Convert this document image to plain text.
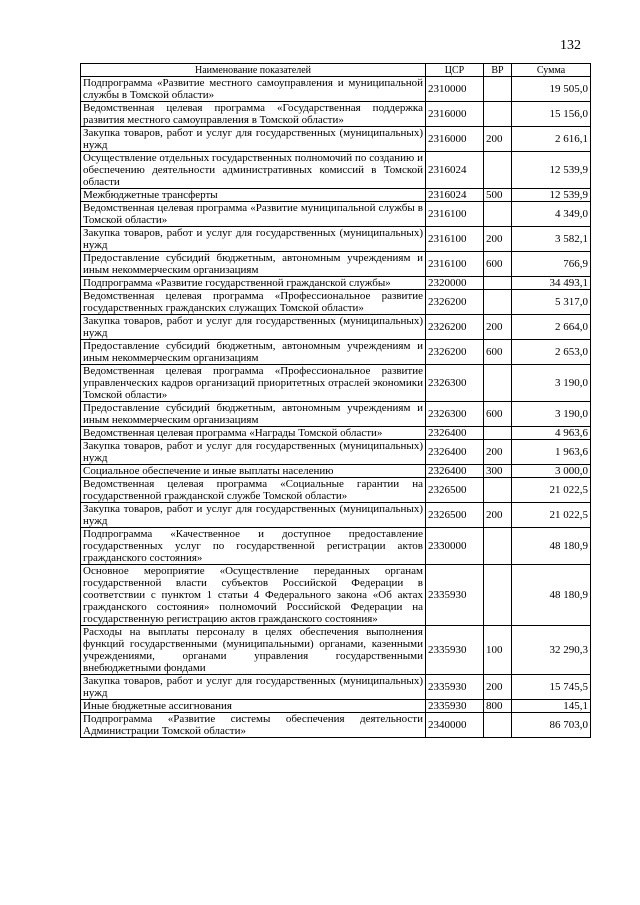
132
Наименование показателей	ЦСР	ВР	Сумма
Подпрограмма «Развитие местного самоуправления и муниципальной службы в Томской области»	2310000		19 505,0
Ведомственная целевая программа «Государственная поддержка развития местного самоуправления в Томской области»	2316000		15 156,0
Закупка товаров, работ и услуг для государственных (муниципальных) нужд	2316000	200	2 616,1
Осуществление отдельных государственных полномочий по созданию и обеспечению деятельности административных комиссий в Томской области	2316024		12 539,9
Межбюджетные трансферты	2316024	500	12 539,9
Ведомственная целевая программа «Развитие муниципальной службы в Томской области»	2316100		4 349,0
Закупка товаров, работ и услуг для государственных (муниципальных) нужд	2316100	200	3 582,1
Предоставление субсидий бюджетным, автономным учреждениям и иным некоммерческим организациям	2316100	600	766,9
Подпрограмма «Развитие государственной гражданской службы»	2320000		34 493,1
Ведомственная целевая программа «Профессиональное развитие государственных гражданских служащих Томской области»	2326200		5 317,0
Закупка товаров, работ и услуг для государственных (муниципальных) нужд	2326200	200	2 664,0
Предоставление субсидий бюджетным, автономным учреждениям и иным некоммерческим организациям	2326200	600	2 653,0
Ведомственная целевая программа «Профессиональное развитие управленческих кадров организаций приоритетных отраслей экономики Томской области»	2326300		3 190,0
Предоставление субсидий бюджетным, автономным учреждениям и иным некоммерческим организациям	2326300	600	3 190,0
Ведомственная целевая программа «Награды Томской области»	2326400		4 963,6
Закупка товаров, работ и услуг для государственных (муниципальных) нужд	2326400	200	1 963,6
Социальное обеспечение и иные выплаты населению	2326400	300	3 000,0
Ведомственная целевая программа «Социальные гарантии на государственной гражданской службе Томской области»	2326500		21 022,5
Закупка товаров, работ и услуг для государственных (муниципальных) нужд	2326500	200	21 022,5
Подпрограмма «Качественное и доступное предоставление государственных услуг по государственной регистрации актов гражданского состояния»	2330000		48 180,9
Основное мероприятие «Осуществление переданных органам государственной власти субъектов Российской Федерации в соответствии с пунктом 1 статьи 4 Федерального закона «Об актах гражданского состояния» полномочий Российской Федерации на государственную регистрацию актов гражданского состояния»	2335930		48 180,9
Расходы на выплаты персоналу в целях обеспечения выполнения функций государственными (муниципальными) органами, казенными учреждениями, органами управления государственными внебюджетными фондами	2335930	100	32 290,3
Закупка товаров, работ и услуг для государственных (муниципальных) нужд	2335930	200	15 745,5
Иные бюджетные ассигнования	2335930	800	145,1
Подпрограмма «Развитие системы обеспечения деятельности Администрации Томской области»	2340000		86 703,0
